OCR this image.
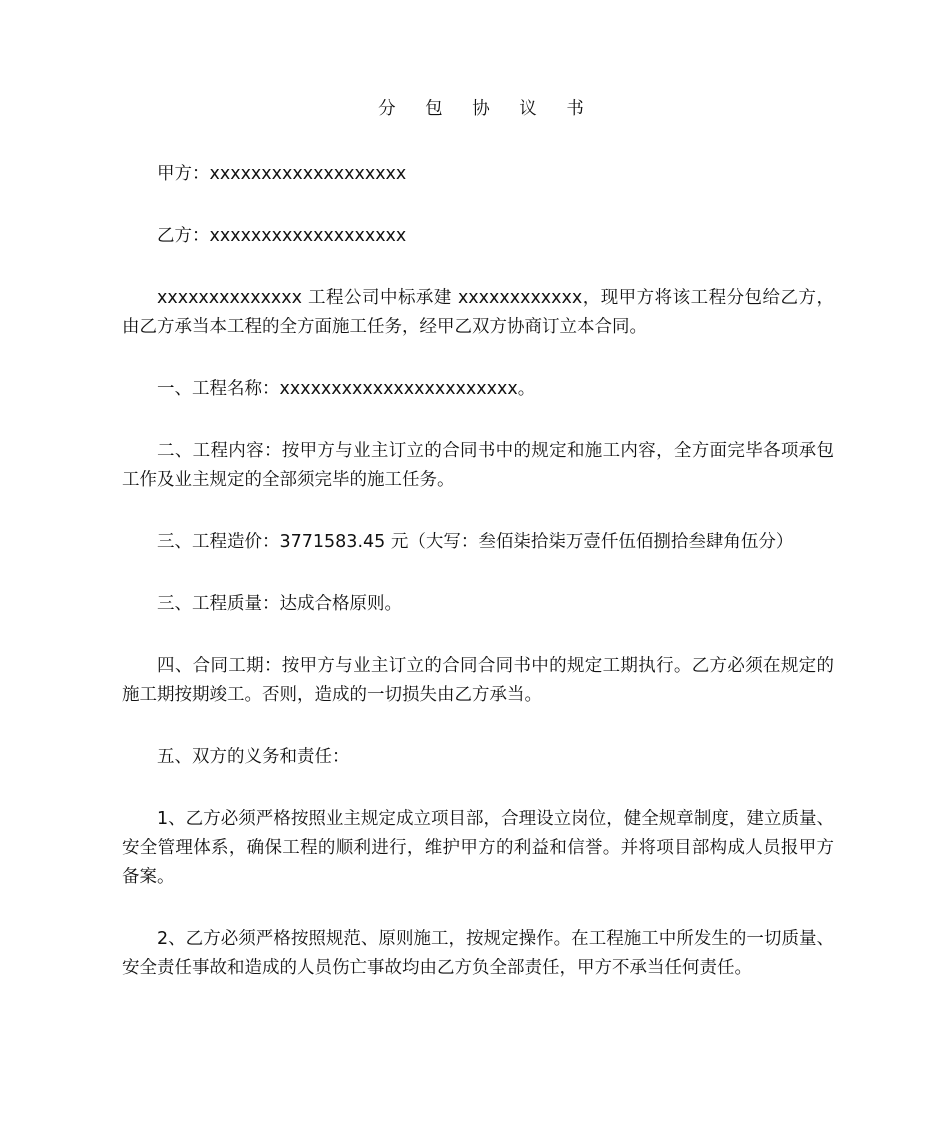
分 包 协 议 书

甲方：xxxxxxxxxxxxxxxxxxx

乙方：xxxxxxxxxxxxxxxxxxx

xxxxxxxxxxxxxx 工程公司中标承建 xxxxxxxxxxxx，现甲方将该工程分包给乙方，由乙方承当本工程的全方面施工任务，经甲乙双方协商订立本合同。

一、工程名称：xxxxxxxxxxxxxxxxxxxxxxx。

二、工程内容：按甲方与业主订立的合同书中的规定和施工内容，全方面完毕各项承包工作及业主规定的全部须完毕的施工任务。

三、工程造价：3771583.45 元（大写：叁佰柒拾柒万壹仟伍佰捌拾叁肆角伍分）

三、工程质量：达成合格原则。

四、合同工期：按甲方与业主订立的合同合同书中的规定工期执行。乙方必须在规定的施工期按期竣工。否则，造成的一切损失由乙方承当。

五、双方的义务和责任：

1、乙方必须严格按照业主规定成立项目部，合理设立岗位，健全规章制度，建立质量、安全管理体系，确保工程的顺利进行，维护甲方的利益和信誉。并将项目部构成人员报甲方备案。

2、乙方必须严格按照规范、原则施工，按规定操作。在工程施工中所发生的一切质量、安全责任事故和造成的人员伤亡事故均由乙方负全部责任，甲方不承当任何责任。
